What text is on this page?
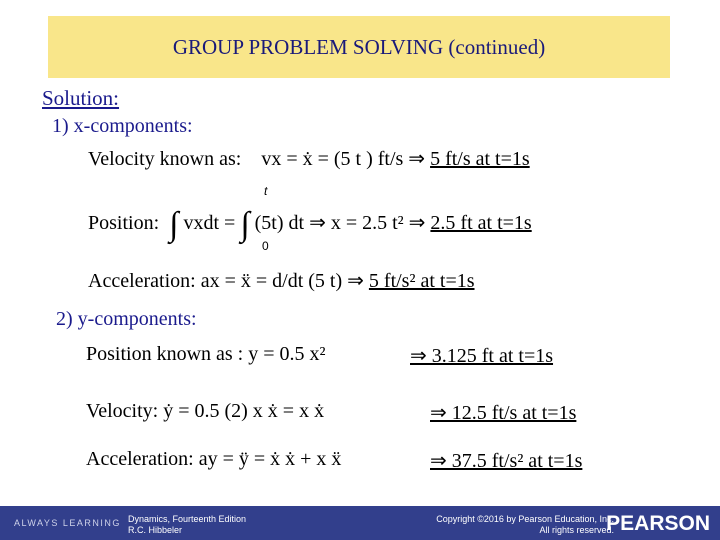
GROUP PROBLEM SOLVING (continued)
Solution:
1) x-components:
Velocity known as: vx = ẋ = (5 t ) ft/s ⇒ 5 ft/s at t=1s
t
0
Position: ∫ vxdt = ∫ (5t) dt ⇒ x = 2.5 t² ⇒ 2.5 ft at t=1s
Acceleration: ax = ẍ = d/dt (5 t) ⇒ 5 ft/s² at t=1s
2) y-components:
Position known as : y = 0.5 x²	⇒ 3.125 ft at t=1s
Velocity: ẏ = 0.5 (2) x ẋ = x ẋ	⇒ 12.5 ft/s at t=1s
Acceleration: ay = ÿ = ẋ ẋ + x ẍ	⇒ 37.5 ft/s² at t=1s
ALWAYS LEARNING Dynamics, Fourteenth Edition
R.C. Hibbeler
Copyright ©2016 by Pearson Education, Inc.
All rights reserved.
PEARSON
